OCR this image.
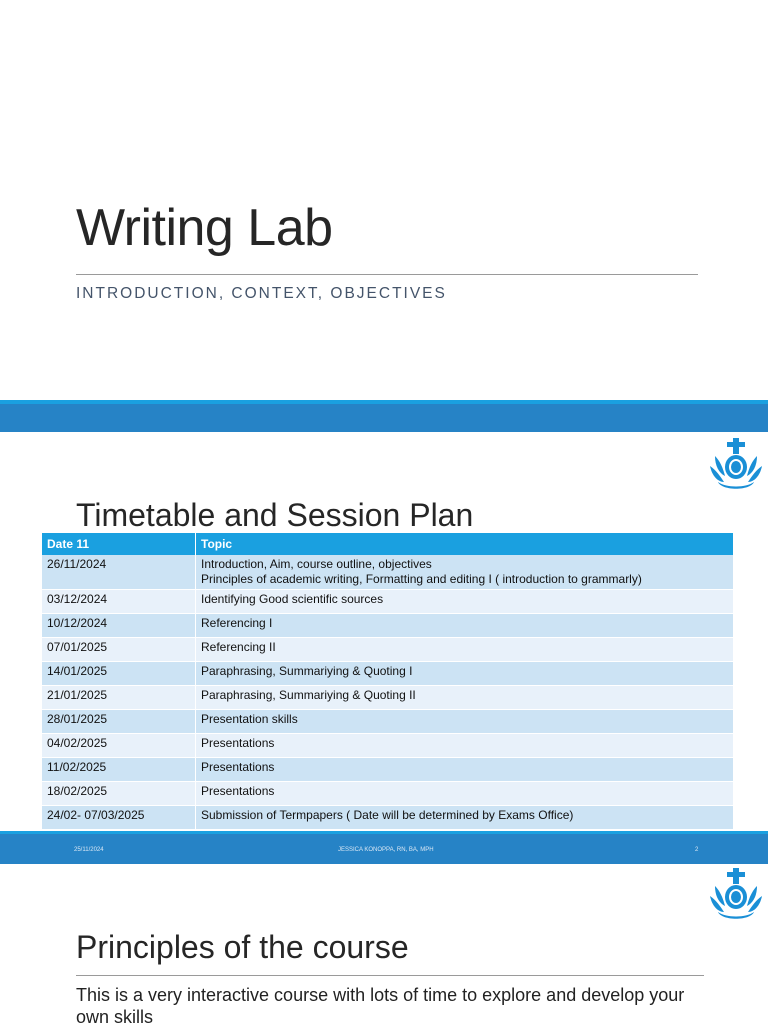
Writing Lab
INTRODUCTION, CONTEXT, OBJECTIVES
Timetable and Session Plan
Date 11	Topic
26/11/2024	Introduction, Aim, course outline, objectives
Principles of academic writing, Formatting and editing I ( introduction to grammarly)
03/12/2024	Identifying Good scientific sources
10/12/2024	Referencing I
07/01/2025	Referencing II
14/01/2025	Paraphrasing, Summariying & Quoting I
21/01/2025	Paraphrasing, Summariying & Quoting II
28/01/2025	Presentation skills
04/02/2025	Presentations
11/02/2025	Presentations
18/02/2025	Presentations
24/02- 07/03/2025	Submission of Termpapers ( Date will be determined by Exams Office)
25/11/2024	JESSICA KONOPPA, RN, BA, MPH	2
Principles of the course
This is a very interactive course with lots of time to explore and develop your own skills
